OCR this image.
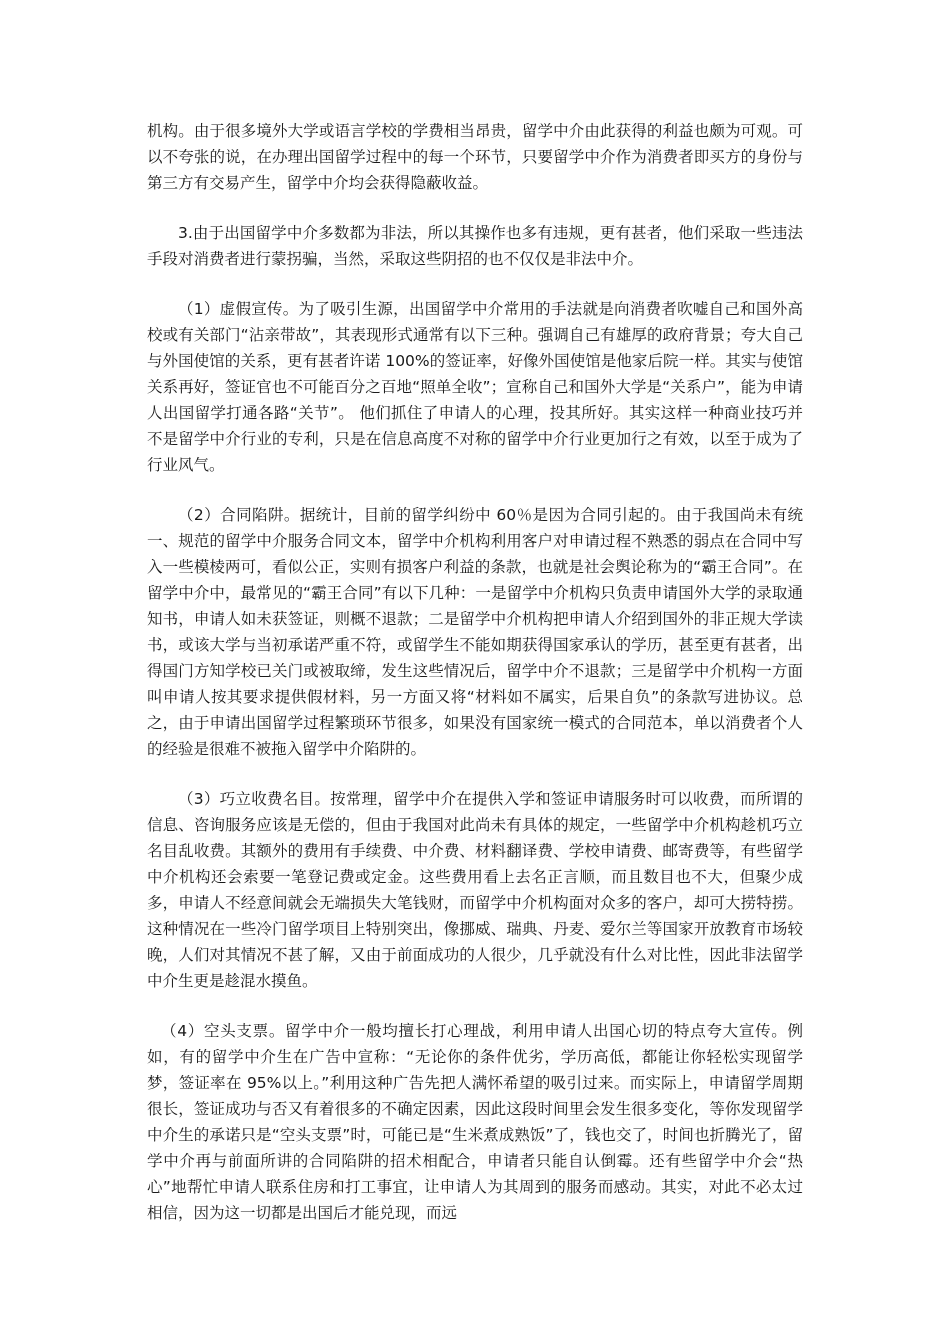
机构。由于很多境外大学或语言学校的学费相当昂贵，留学中介由此获得的利益也颇为可观。可以不夸张的说，在办理出国留学过程中的每一个环节，只要留学中介作为消费者即买方的身份与第三方有交易产生，留学中介均会获得隐蔽收益。

3.由于出国留学中介多数都为非法，所以其操作也多有违规，更有甚者，他们采取一些违法手段对消费者进行蒙拐骗，当然，采取这些阴招的也不仅仅是非法中介。

（1）虚假宣传。为了吸引生源，出国留学中介常用的手法就是向消费者吹嘘自己和国外高校或有关部门“沾亲带故”，其表现形式通常有以下三种。强调自己有雄厚的政府背景；夸大自己与外国使馆的关系，更有甚者许诺 100%的签证率，好像外国使馆是他家后院一样。其实与使馆关系再好，签证官也不可能百分之百地“照单全收”；宣称自己和国外大学是“关系户”，能为申请人出国留学打通各路“关节”。 他们抓住了申请人的心理，投其所好。其实这样一种商业技巧并不是留学中介行业的专利，只是在信息高度不对称的留学中介行业更加行之有效，以至于成为了行业风气。

（2）合同陷阱。据统计，目前的留学纠纷中 60％是因为合同引起的。由于我国尚未有统一、规范的留学中介服务合同文本，留学中介机构利用客户对申请过程不熟悉的弱点在合同中写入一些模棱两可，看似公正，实则有损客户利益的条款，也就是社会舆论称为的“霸王合同”。在留学中介中，最常见的“霸王合同”有以下几种：一是留学中介机构只负责申请国外大学的录取通知书，申请人如未获签证，则概不退款；二是留学中介机构把申请人介绍到国外的非正规大学读书，或该大学与当初承诺严重不符，或留学生不能如期获得国家承认的学历，甚至更有甚者，出得国门方知学校已关门或被取缔，发生这些情况后，留学中介不退款；三是留学中介机构一方面叫申请人按其要求提供假材料，另一方面又将“材料如不属实，后果自负”的条款写进协议。总之，由于申请出国留学过程繁琐环节很多，如果没有国家统一模式的合同范本，单以消费者个人的经验是很难不被拖入留学中介陷阱的。

（3）巧立收费名目。按常理，留学中介在提供入学和签证申请服务时可以收费，而所谓的信息、咨询服务应该是无偿的，但由于我国对此尚未有具体的规定，一些留学中介机构趁机巧立名目乱收费。其额外的费用有手续费、中介费、材料翻译费、学校申请费、邮寄费等，有些留学中介机构还会索要一笔登记费或定金。这些费用看上去名正言顺，而且数目也不大，但聚少成多，申请人不经意间就会无端损失大笔钱财，而留学中介机构面对众多的客户，却可大捞特捞。这种情况在一些冷门留学项目上特别突出，像挪威、瑞典、丹麦、爱尔兰等国家开放教育市场较晚，人们对其情况不甚了解，又由于前面成功的人很少，几乎就没有什么对比性，因此非法留学中介生更是趁混水摸鱼。

（4）空头支票。留学中介一般均擅长打心理战，利用申请人出国心切的特点夸大宣传。例如，有的留学中介生在广告中宣称：“无论你的条件优劣，学历高低，都能让你轻松实现留学梦，签证率在 95%以上。”利用这种广告先把人满怀希望的吸引过来。而实际上，申请留学周期很长，签证成功与否又有着很多的不确定因素，因此这段时间里会发生很多变化，等你发现留学中介生的承诺只是“空头支票”时，可能已是“生米煮成熟饭”了，钱也交了，时间也折腾光了，留学中介再与前面所讲的合同陷阱的招术相配合，申请者只能自认倒霉。还有些留学中介会“热心”地帮忙申请人联系住房和打工事宜，让申请人为其周到的服务而感动。其实，对此不必太过相信，因为这一切都是出国后才能兑现，而远
